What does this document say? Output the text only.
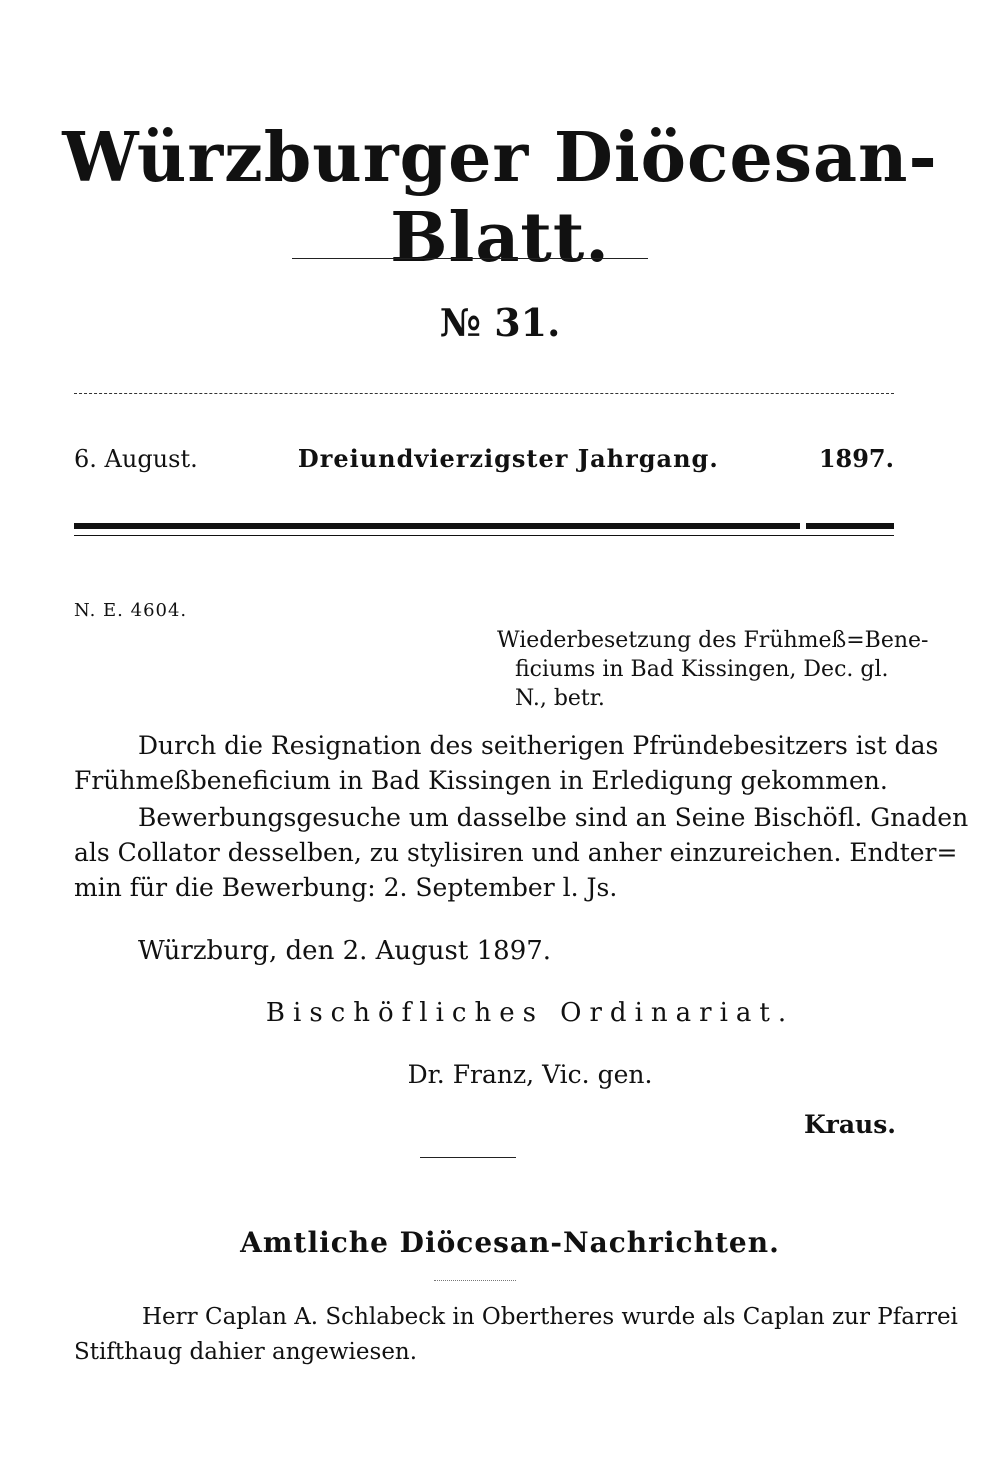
Würzburger Diöcesan-Blatt.
№ 31.
6. August.	Dreiundvierzigster Jahrgang.	1897.
N. E. 4604.
Wiederbesetzung des Frühmeß=Bene-
ficiums in Bad Kissingen, Dec. gl.
N., betr.
Durch die Resignation des seitherigen Pfründebesitzers ist das
Frühmeßbeneficium in Bad Kissingen in Erledigung gekommen.
Bewerbungsgesuche um dasselbe sind an Seine Bischöfl. Gnaden
als Collator desselben, zu stylisiren und anher einzureichen. Endter=
min für die Bewerbung: 2. September l. Js.
Würzburg, den 2. August 1897.
Bischöfliches Ordinariat.
Dr. Franz, Vic. gen.
Kraus.
Amtliche Diöcesan-Nachrichten.
Herr Caplan A. Schlabeck in Obertheres wurde als Caplan zur Pfarrei
Stifthaug dahier angewiesen.
